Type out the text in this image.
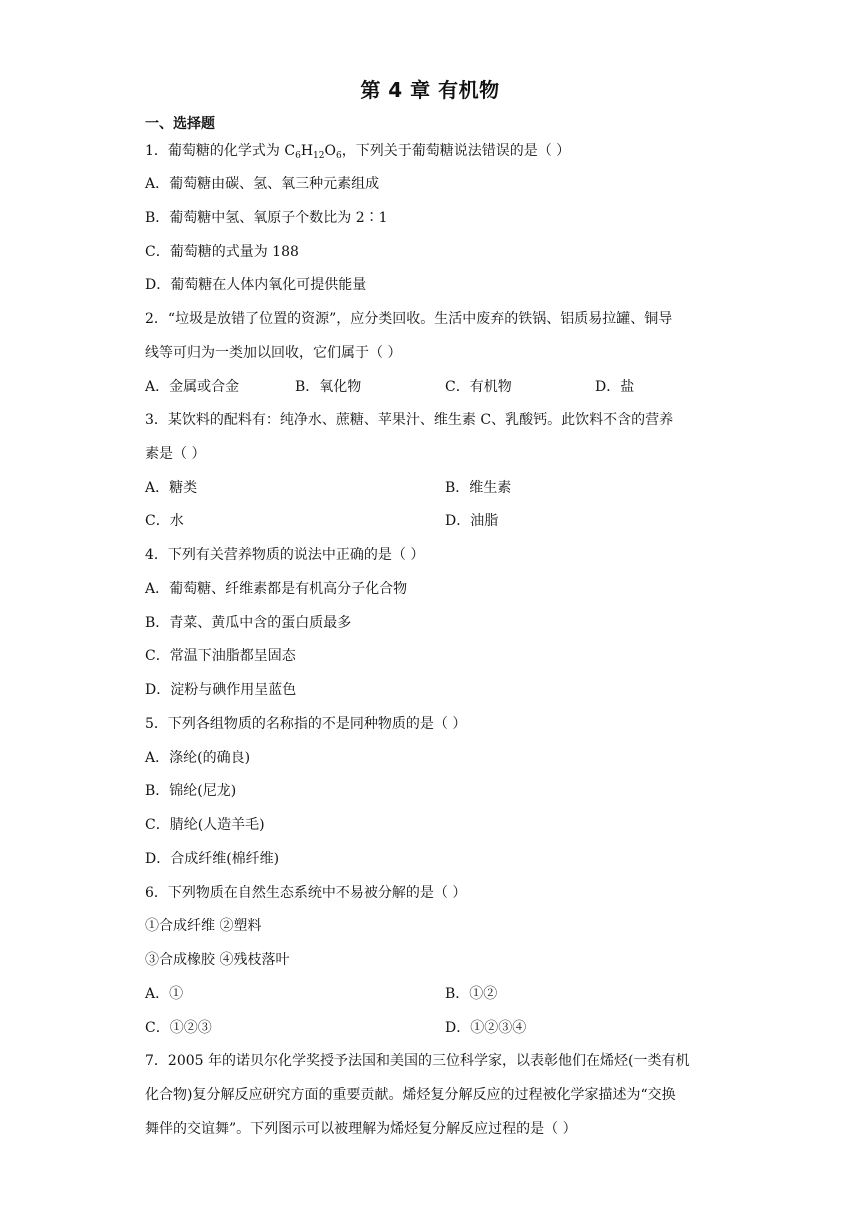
第 4 章 有机物
一、选择题
1．葡萄糖的化学式为 $C_6H_{12}O_6$，下列关于葡萄糖说法错误的是（ ）
A．葡萄糖由碳、氢、氧三种元素组成
B．葡萄糖中氢、氧原子个数比为 2∶1
C．葡萄糖的式量为 188
D．葡萄糖在人体内氧化可提供能量
2．“垃圾是放错了位置的资源”，应分类回收。生活中废弃的铁锅、铝质易拉罐、铜导
线等可归为一类加以回收，它们属于（ ）
A．金属或合金	B．氧化物	C．有机物	D．盐
3．某饮料的配料有：纯净水、蔗糖、苹果汁、维生素 C、乳酸钙。此饮料不含的营养
素是（ ）
A．糖类	B．维生素
C．水	D．油脂
4．下列有关营养物质的说法中正确的是（ ）
A．葡萄糖、纤维素都是有机高分子化合物
B．青菜、黄瓜中含的蛋白质最多
C．常温下油脂都呈固态
D．淀粉与碘作用呈蓝色
5．下列各组物质的名称指的不是同种物质的是（ ）
A．涤纶(的确良)
B．锦纶(尼龙)
C．腈纶(人造羊毛)
D．合成纤维(棉纤维)
6．下列物质在自然生态系统中不易被分解的是（ ）
①合成纤维 ②塑料
③合成橡胶 ④残枝落叶
A．①	B．①②
C．①②③	D．①②③④
7．2005 年的诺贝尔化学奖授予法国和美国的三位科学家，以表彰他们在烯烃(一类有机
化合物)复分解反应研究方面的重要贡献。烯烃复分解反应的过程被化学家描述为“交换
舞伴的交谊舞”。下列图示可以被理解为烯烃复分解反应过程的是（ ）
